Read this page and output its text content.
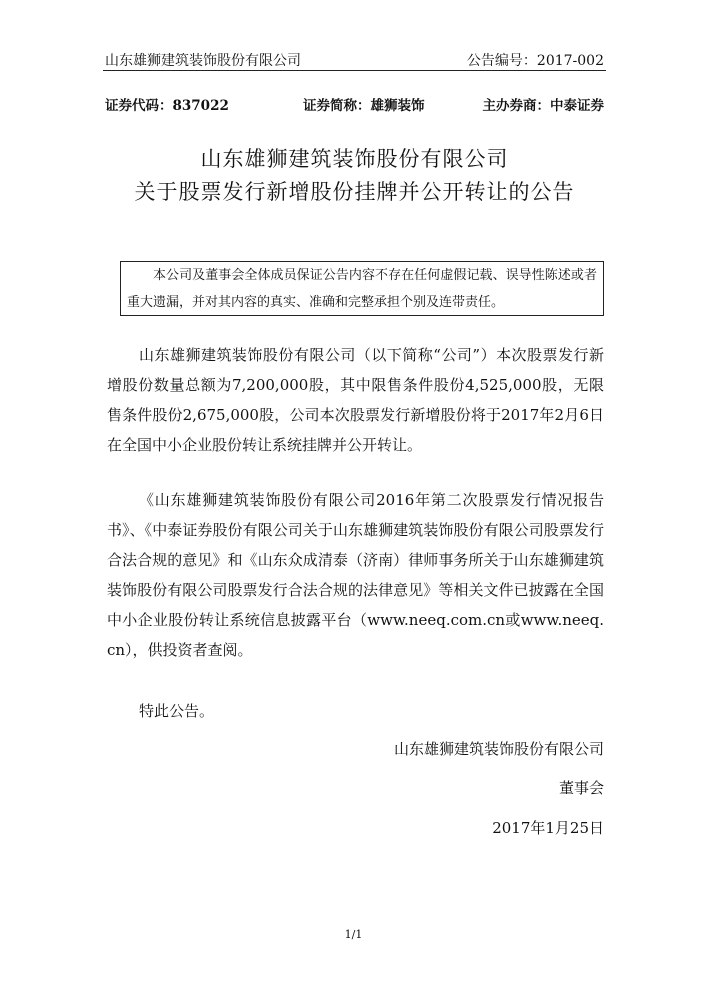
山东雄狮建筑装饰股份有限公司	公告编号：2017-002
证券代码：837022	证券简称：雄狮装饰	主办券商：中泰证券
山东雄狮建筑装饰股份有限公司
关于股票发行新增股份挂牌并公开转让的公告
本公司及董事会全体成员保证公告内容不存在任何虚假记载、误导性陈述或者重大遗漏，并对其内容的真实、准确和完整承担个别及连带责任。
山东雄狮建筑装饰股份有限公司（以下简称“公司”）本次股票发行新增股份数量总额为7,200,000股，其中限售条件股份4,525,000股，无限售条件股份2,675,000股，公司本次股票发行新增股份将于2017年2月6日在全国中小企业股份转让系统挂牌并公开转让。
《山东雄狮建筑装饰股份有限公司2016年第二次股票发行情况报告书》、《中泰证券股份有限公司关于山东雄狮建筑装饰股份有限公司股票发行合法合规的意见》和《山东众成清泰（济南）律师事务所关于山东雄狮建筑装饰股份有限公司股票发行合法合规的法律意见》等相关文件已披露在全国中小企业股份转让系统信息披露平台（www.neeq.com.cn或www.neeq.cn），供投资者查阅。
特此公告。
山东雄狮建筑装饰股份有限公司
董事会
2017年1月25日
1/1
